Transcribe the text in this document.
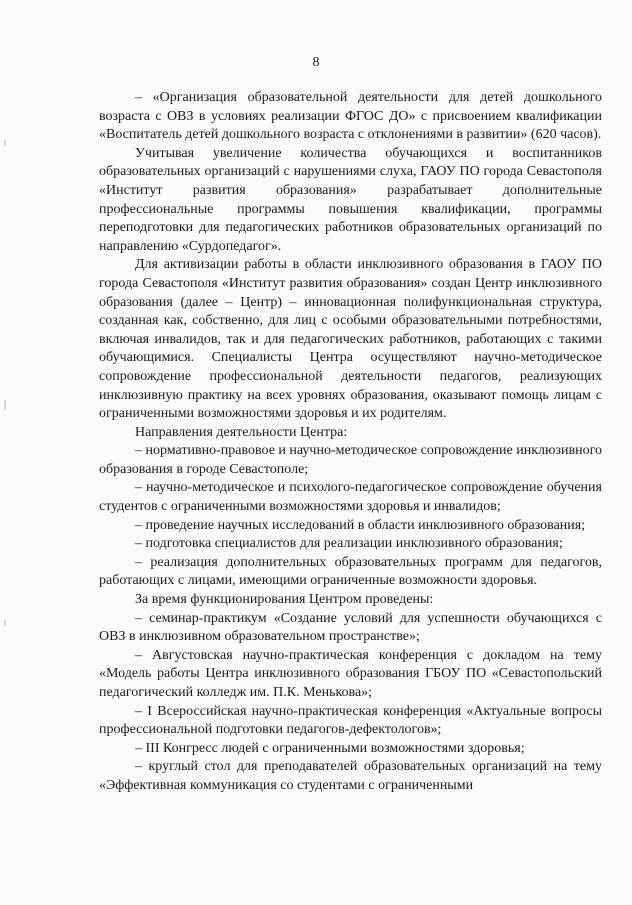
8

– «Организация образовательной деятельности для детей дошкольного возраста с ОВЗ в условиях реализации ФГОС ДО» с присвоением квалификации «Воспитатель детей дошкольного возраста с отклонениями в развитии» (620 часов).

Учитывая увеличение количества обучающихся и воспитанников образовательных организаций с нарушениями слуха, ГАОУ ПО города Севастополя «Институт развития образования» разрабатывает дополнительные профессиональные программы повышения квалификации, программы переподготовки для педагогических работников образовательных организаций по направлению «Сурдопедагог».

Для активизации работы в области инклюзивного образования в ГАОУ ПО города Севастополя «Институт развития образования» создан Центр инклюзивного образования (далее – Центр) – инновационная полифункциональная структура, созданная как, собственно, для лиц с особыми образовательными потребностями, включая инвалидов, так и для педагогических работников, работающих с такими обучающимися. Специалисты Центра осуществляют научно-методическое сопровождение профессиональной деятельности педагогов, реализующих инклюзивную практику на всех уровнях образования, оказывают помощь лицам с ограниченными возможностями здоровья и их родителям.

Направления деятельности Центра:

– нормативно-правовое и научно-методическое сопровождение инклюзивного образования в городе Севастополе;

– научно-методическое и психолого-педагогическое сопровождение обучения студентов с ограниченными возможностями здоровья и инвалидов;

– проведение научных исследований в области инклюзивного образования;

– подготовка специалистов для реализации инклюзивного образования;

– реализация дополнительных образовательных программ для педагогов, работающих с лицами, имеющими ограниченные возможности здоровья.

За время функционирования Центром проведены:

– семинар-практикум «Создание условий для успешности обучающихся с ОВЗ в инклюзивном образовательном пространстве»;

– Августовская научно-практическая конференция с докладом на тему «Модель работы Центра инклюзивного образования ГБОУ ПО «Севастопольский педагогический колледж им. П.К. Менькова»;

– I Всероссийская научно-практическая конференция «Актуальные вопросы профессиональной подготовки педагогов-дефектологов»;

– III Конгресс людей с ограниченными возможностями здоровья;

– круглый стол для преподавателей образовательных организаций на тему «Эффективная коммуникация со студентами с ограниченными
